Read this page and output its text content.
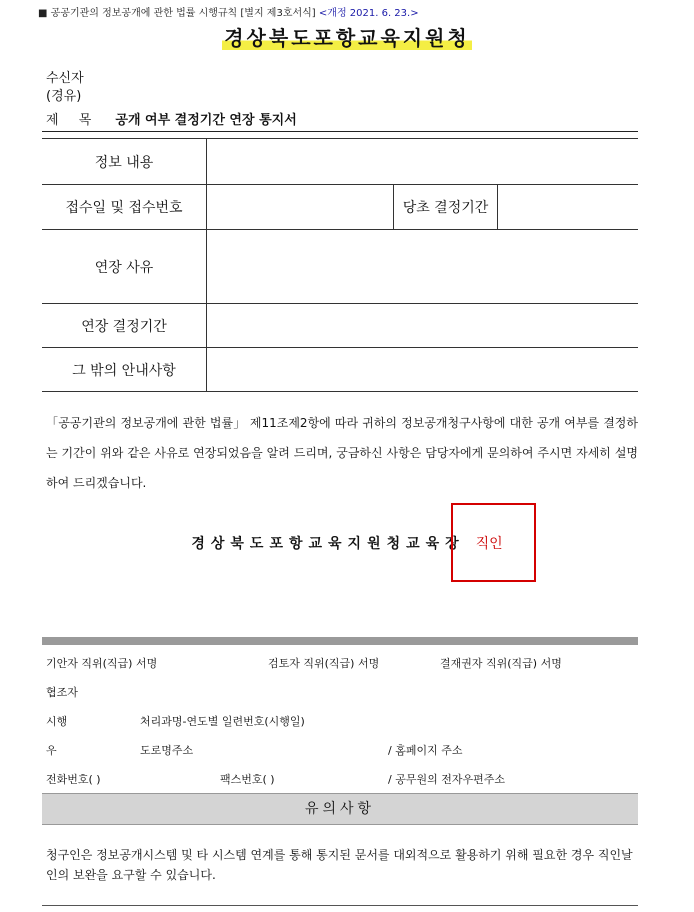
■ 공공기관의 정보공개에 관한 법률 시행규칙 [별지 제3호서식] <개정 2021. 6. 23.>
경상북도포항교육지원청
수신자
(경유)
제 목 공개 여부 결정기간 연장 통지서
정보 내용			
접수일 및 접수번호		당초 결정기간	
연장 사유			
연장 결정기간			
그 밖의 안내사항			
「공공기관의 정보공개에 관한 법률」 제11조제2항에 따라 귀하의 정보공개청구사항에 대한 공개 여부를 결정하는 기간이 위와 같은 사유로 연장되었음을 알려 드리며, 궁금하신 사항은 담당자에게 문의하여 주시면 자세히 설명하여 드리겠습니다.
경상북도포항교육지원청교육장 직인
기안자 직위(직급) 서명	검토자 직위(직급) 서명	결재권자 직위(직급) 서명
협조자
시행	처리과명-연도별 일련번호(시행일)
우	도로명주소	/ 홈페이지 주소
전화번호( )	팩스번호( )	/ 공무원의 전자우편주소
유의사항
청구인은 정보공개시스템 및 타 시스템 연계를 통해 통지된 문서를 대외적으로 활용하기 위해 필요한 경우 직인날인의 보완을 요구할 수 있습니다.
